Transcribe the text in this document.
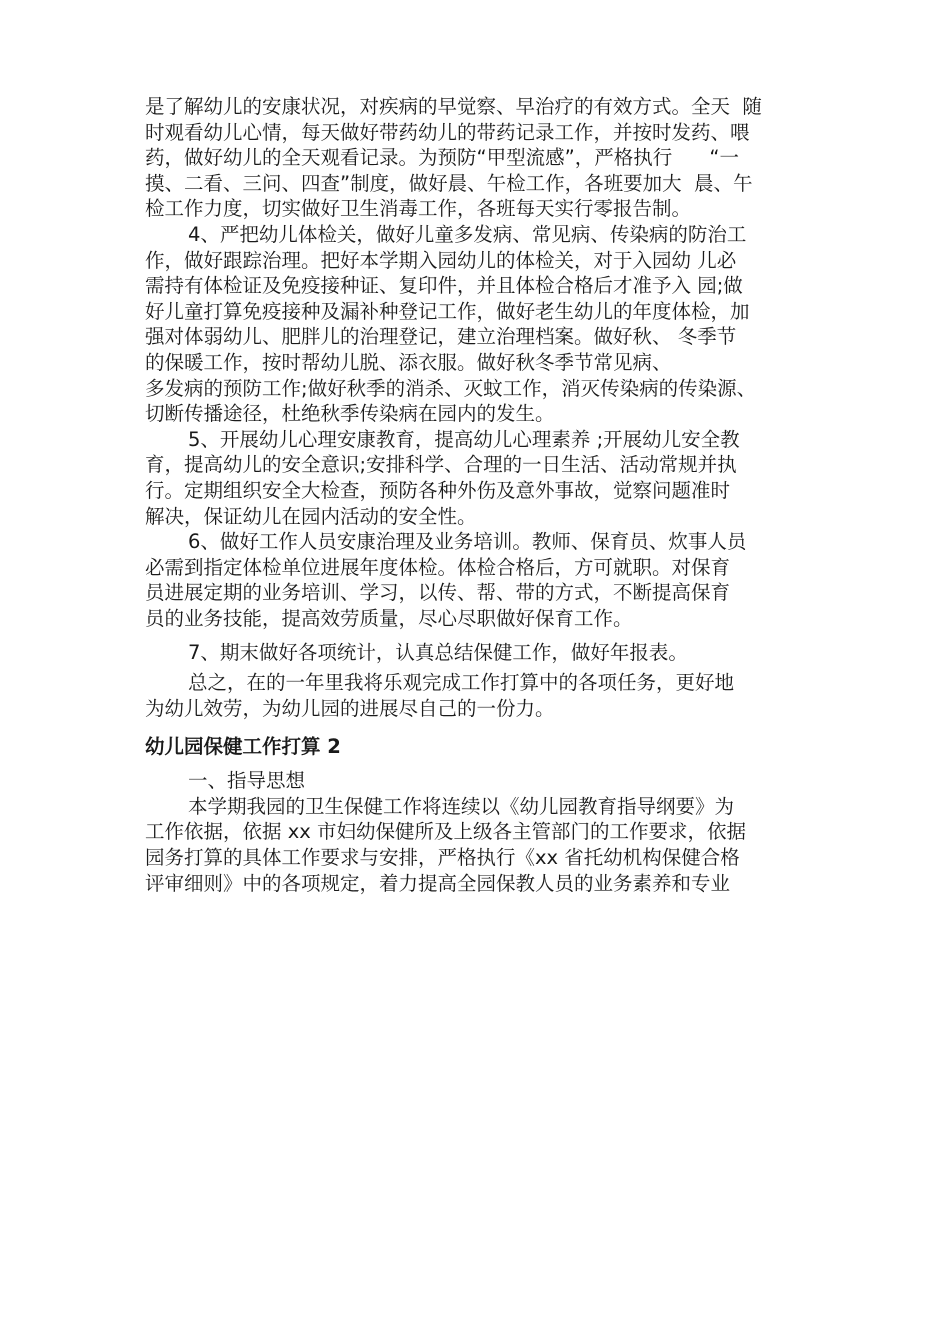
是了解幼儿的安康状况，对疾病的早觉察、早治疗的有效方式。全天  随
时观看幼儿心情，每天做好带药幼儿的带药记录工作，并按时发药、喂
药，做好幼儿的全天观看记录。为预防“甲型流感”，严格执行      “一
摸、二看、三问、四查”制度，做好晨、午检工作，各班要加大  晨、午
检工作力度，切实做好卫生消毒工作，各班每天实行零报告制。
4、严把幼儿体检关，做好儿童多发病、常见病、传染病的防治工
作，做好跟踪治理。把好本学期入园幼儿的体检关，对于入园幼 儿必
需持有体检证及免疫接种证、复印件，并且体检合格后才准予入 园;做
好儿童打算免疫接种及漏补种登记工作，做好老生幼儿的年度体检，加
强对体弱幼儿、肥胖儿的治理登记，建立治理档案。做好秋、 冬季节
的保暖工作，按时帮幼儿脱、添衣服。做好秋冬季节常见病、
多发病的预防工作;做好秋季的消杀、灭蚊工作，消灭传染病的传染源、
切断传播途径，杜绝秋季传染病在园内的发生。
5、开展幼儿心理安康教育，提高幼儿心理素养 ;开展幼儿安全教
育，提高幼儿的安全意识;安排科学、合理的一日生活、活动常规并执
行。定期组织安全大检查，预防各种外伤及意外事故，觉察问题准时
解决，保证幼儿在园内活动的安全性。
6、做好工作人员安康治理及业务培训。教师、保育员、炊事人员
必需到指定体检单位进展年度体检。体检合格后，方可就职。对保育
员进展定期的业务培训、学习，以传、帮、带的方式，不断提高保育
员的业务技能，提高效劳质量，尽心尽职做好保育工作。
7、期末做好各项统计，认真总结保健工作，做好年报表。
总之，在的一年里我将乐观完成工作打算中的各项任务，更好地
为幼儿效劳，为幼儿园的进展尽自己的一份力。
幼儿园保健工作打算 2
一、指导思想
本学期我园的卫生保健工作将连续以《幼儿园教育指导纲要》为
工作依据，依据 xx 市妇幼保健所及上级各主管部门的工作要求，依据
园务打算的具体工作要求与安排，严格执行《xx 省托幼机构保健合格
评审细则》中的各项规定，着力提高全园保教人员的业务素养和专业
